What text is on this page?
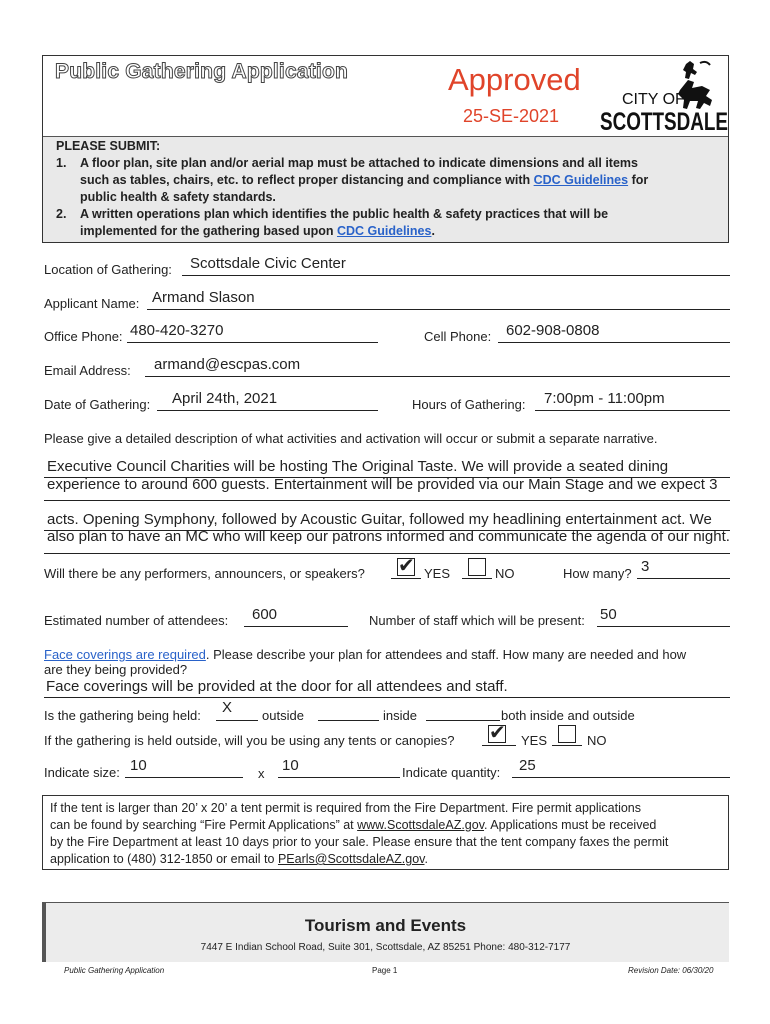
Public Gathering Application	Approved
25-SE-2021
CITY OF
SCOTTSDALE
PLEASE SUBMIT:
1. A floor plan, site plan and/or aerial map must be attached to indicate dimensions and all items
such as tables, chairs, etc. to reflect proper distancing and compliance with CDC Guidelines for
public health & safety standards.
2. A written operations plan which identifies the public health & safety practices that will be
implemented for the gathering based upon CDC Guidelines.
Location of Gathering: Scottsdale Civic Center
Applicant Name: Armand Slason
Office Phone: 480-420-3270	Cell Phone: 602-908-0808
Email Address: armand@escpas.com
Date of Gathering: April 24th, 2021	Hours of Gathering: 7:00pm - 11:00pm
Please give a detailed description of what activities and activation will occur or submit a separate narrative.
Executive Council Charities will be hosting The Original Taste. We will provide a seated dining
experience to around 600 guests. Entertainment will be provided via our Main Stage and we expect 3
acts. Opening Symphony, followed by Acoustic Guitar, followed my headlining entertainment act. We
also plan to have an MC who will keep our patrons informed and communicate the agenda of our night.
Will there be any performers, announcers, or speakers? ✔ YES	NO	How many? 3
Estimated number of attendees: 600	Number of staff which will be present: 50
Face coverings are required. Please describe your plan for attendees and staff. How many are needed and how
are they being provided?
Face coverings will be provided at the door for all attendees and staff.
Is the gathering being held: X outside	inside	both inside and outside
If the gathering is held outside, will you be using any tents or canopies? ✔ YES	NO
Indicate size: 10	x 10	Indicate quantity: 25
If the tent is larger than 20’ x 20’ a tent permit is required from the Fire Department. Fire permit applications
can be found by searching “Fire Permit Applications” at www.ScottsdaleAZ.gov. Applications must be received
by the Fire Department at least 10 days prior to your sale. Please ensure that the tent company faxes the permit
application to (480) 312-1850 or email to PEarls@ScottsdaleAZ.gov.
Tourism and Events
7447 E Indian School Road, Suite 301, Scottsdale, AZ 85251 Phone: 480-312-7177
Public Gathering Application	Page 1	Revision Date: 06/30/20
